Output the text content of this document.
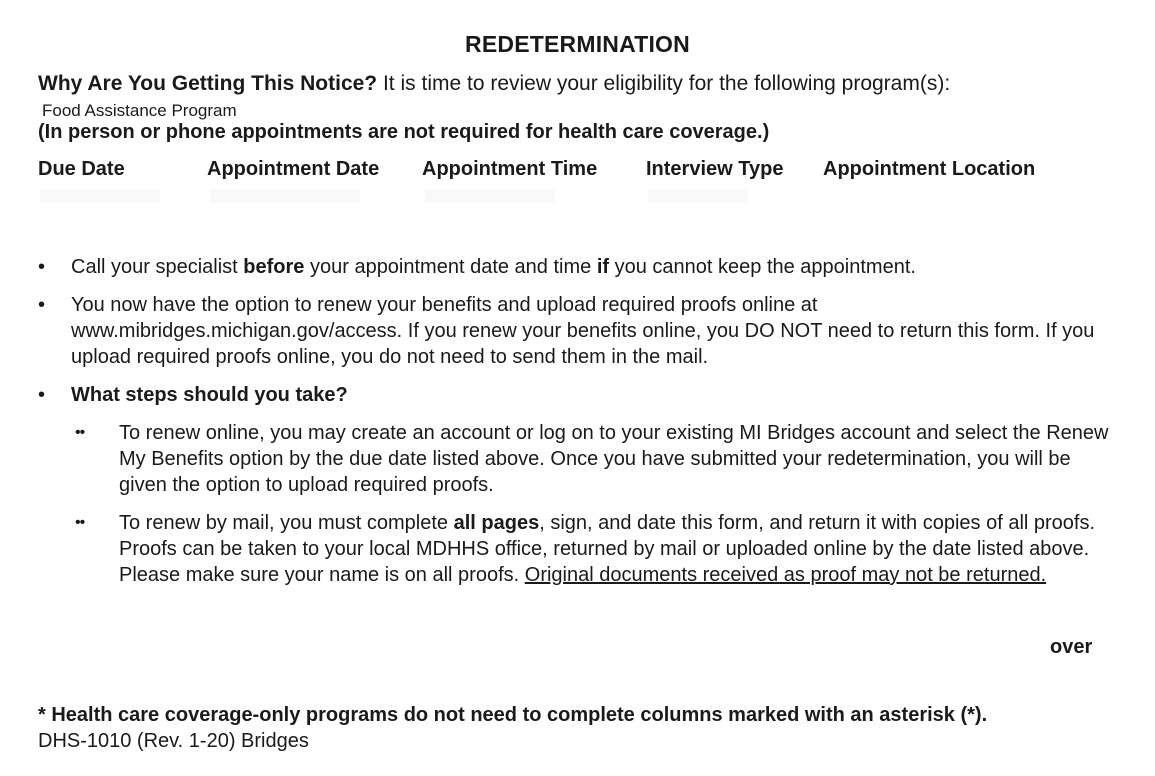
REDETERMINATION
Why Are You Getting This Notice? It is time to review your eligibility for the following program(s):
Food Assistance Program
(In person or phone appointments are not required for health care coverage.)
Due Date	Appointment Date Appointment Time Interview Type Appointment Location
• Call your specialist before your appointment date and time if you cannot keep the appointment.
• You now have the option to renew your benefits and upload required proofs online at www.mibridges.michigan.gov/access. If you renew your benefits online, you DO NOT need to return this form. If you upload required proofs online, you do not need to send them in the mail.
• What steps should you take?
•• To renew online, you may create an account or log on to your existing MI Bridges account and select the Renew My Benefits option by the due date listed above. Once you have submitted your redetermination, you will be given the option to upload required proofs.
•• To renew by mail, you must complete all pages, sign, and date this form, and return it with copies of all proofs. Proofs can be taken to your local MDHHS office, returned by mail or uploaded online by the date listed above. Please make sure your name is on all proofs. Original documents received as proof may not be returned.
over
* Health care coverage-only programs do not need to complete columns marked with an asterisk (*).
DHS-1010 (Rev. 1-20) Bridges
